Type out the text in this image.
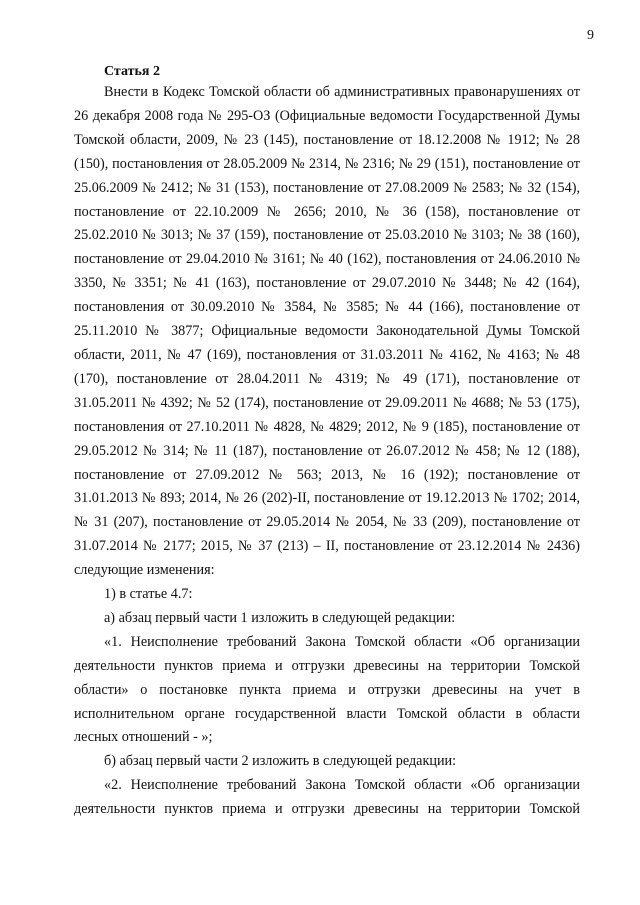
9
Статья 2

Внести в Кодекс Томской области об административных правонарушениях от 26 декабря 2008 года № 295-ОЗ (Официальные ведомости Государственной Думы Томской области, 2009, № 23 (145), постановление от 18.12.2008 № 1912; № 28 (150), постановления от 28.05.2009 № 2314, № 2316; № 29 (151), постановление от 25.06.2009 № 2412; № 31 (153), постановление от 27.08.2009 № 2583; № 32 (154), постановление от 22.10.2009 № 2656; 2010, № 36 (158), постановление от 25.02.2010 № 3013; № 37 (159), постановление от 25.03.2010 № 3103; № 38 (160), постановление от 29.04.2010 № 3161; № 40 (162), постановления от 24.06.2010 № 3350, № 3351; № 41 (163), постановление от 29.07.2010 № 3448; № 42 (164), постановления от 30.09.2010 № 3584, № 3585; № 44 (166), постановление от 25.11.2010 № 3877; Официальные ведомости Законодательной Думы Томской области, 2011, № 47 (169), постановления от 31.03.2011 № 4162, № 4163; № 48 (170), постановление от 28.04.2011 № 4319; № 49 (171), постановление от 31.05.2011 № 4392; № 52 (174), постановление от 29.09.2011 № 4688; № 53 (175), постановления от 27.10.2011 № 4828, № 4829; 2012, № 9 (185), постановление от 29.05.2012 № 314; № 11 (187), постановление от 26.07.2012 № 458; № 12 (188), постановление от 27.09.2012 № 563; 2013, № 16 (192); постановление от 31.01.2013 № 893; 2014, № 26 (202)-II, постановление от 19.12.2013 № 1702; 2014, № 31 (207), постановление от 29.05.2014 № 2054, № 33 (209), постановление от 31.07.2014 № 2177; 2015, № 37 (213) – II, постановление от 23.12.2014 № 2436) следующие изменения:

1) в статье 4.7:

а) абзац первый части 1 изложить в следующей редакции:

«1. Неисполнение требований Закона Томской области «Об организации деятельности пунктов приема и отгрузки древесины на территории Томской области» о постановке пункта приема и отгрузки древесины на учет в исполнительном органе государственной власти Томской области в области лесных отношений - »;

б) абзац первый части 2 изложить в следующей редакции:

«2. Неисполнение требований Закона Томской области «Об организации деятельности пунктов приема и отгрузки древесины на территории Томской
